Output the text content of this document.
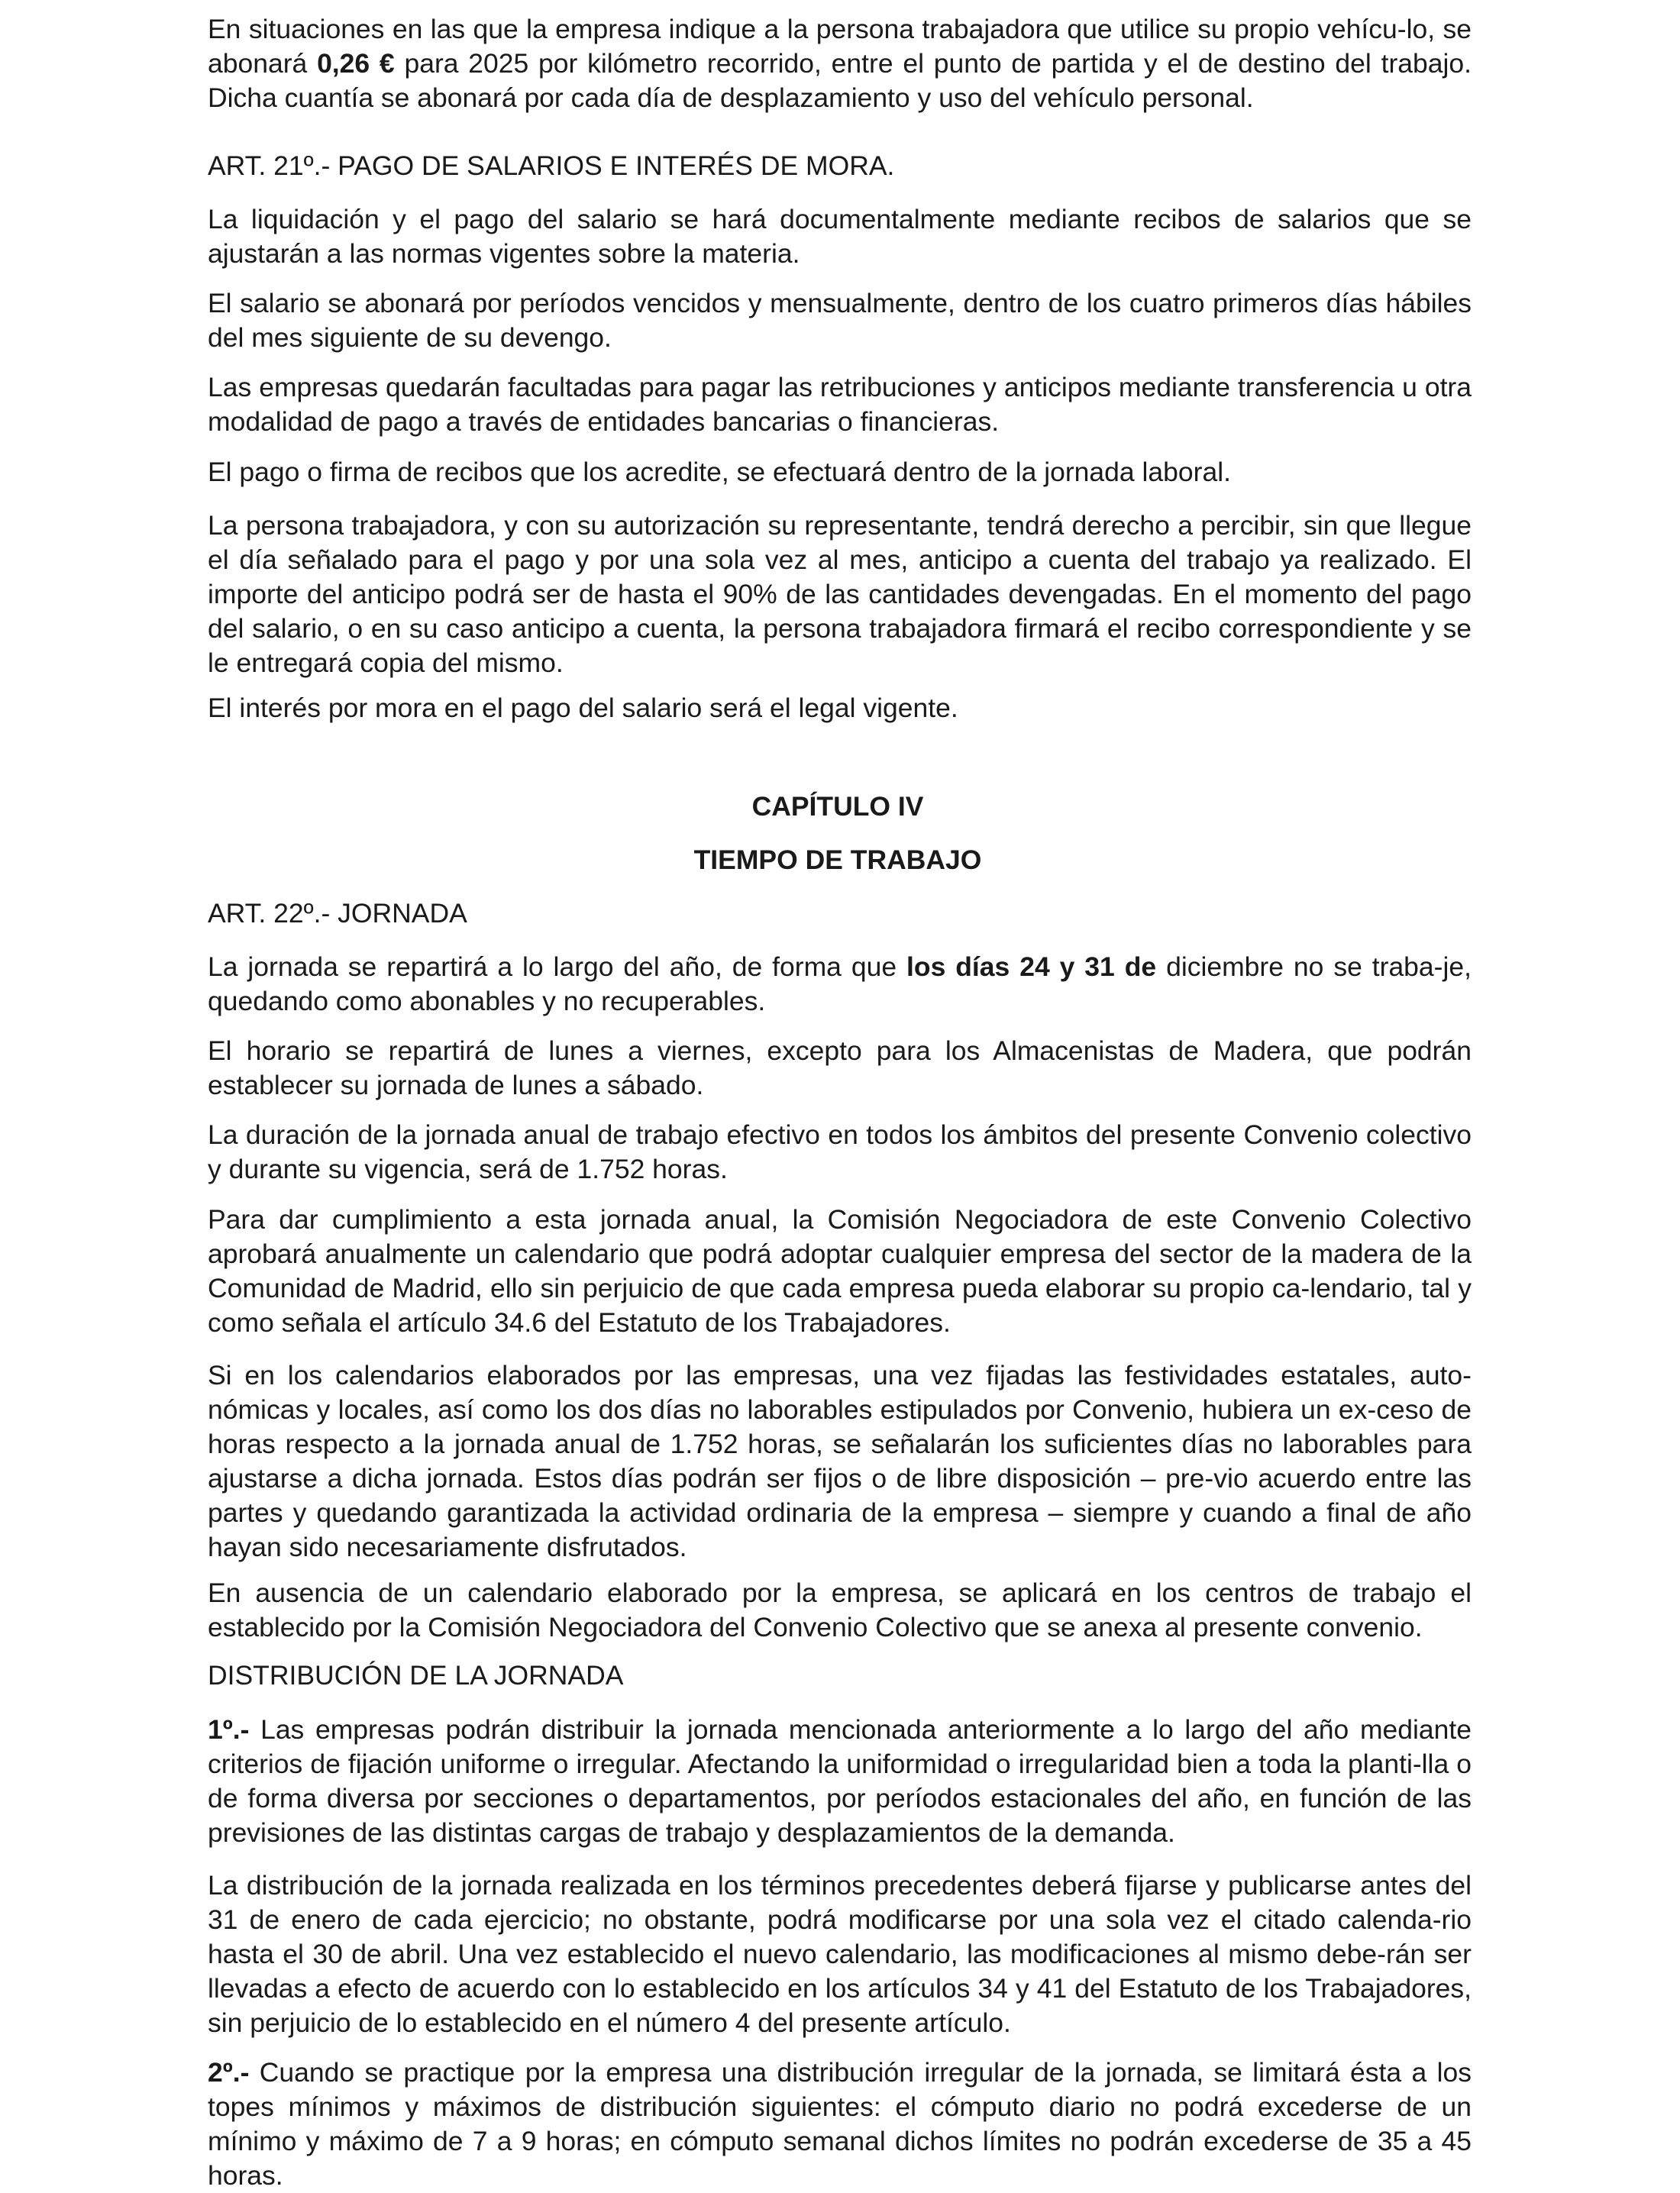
En situaciones en las que la empresa indique a la persona trabajadora que utilice su propio vehícu-lo, se abonará 0,26 € para 2025 por kilómetro recorrido, entre el punto de partida y el de destino del trabajo. Dicha cuantía se abonará por cada día de desplazamiento y uso del vehículo personal.

ART. 21º.- PAGO DE SALARIOS E INTERÉS DE MORA.

La liquidación y el pago del salario se hará documentalmente mediante recibos de salarios que se ajustarán a las normas vigentes sobre la materia.

El salario se abonará por períodos vencidos y mensualmente, dentro de los cuatro primeros días hábiles del mes siguiente de su devengo.

Las empresas quedarán facultadas para pagar las retribuciones y anticipos mediante transferencia u otra modalidad de pago a través de entidades bancarias o financieras.

El pago o firma de recibos que los acredite, se efectuará dentro de la jornada laboral.

La persona trabajadora, y con su autorización su representante, tendrá derecho a percibir, sin que llegue el día señalado para el pago y por una sola vez al mes, anticipo a cuenta del trabajo ya realizado. El importe del anticipo podrá ser de hasta el 90% de las cantidades devengadas. En el momento del pago del salario, o en su caso anticipo a cuenta, la persona trabajadora firmará el recibo correspondiente y se le entregará copia del mismo.

El interés por mora en el pago del salario será el legal vigente.

CAPÍTULO IV
TIEMPO DE TRABAJO
ART. 22º.- JORNADA

La jornada se repartirá a lo largo del año, de forma que los días 24 y 31 de diciembre no se traba-je, quedando como abonables y no recuperables.

El horario se repartirá de lunes a viernes, excepto para los Almacenistas de Madera, que podrán establecer su jornada de lunes a sábado.

La duración de la jornada anual de trabajo efectivo en todos los ámbitos del presente Convenio colectivo y durante su vigencia, será de 1.752 horas.

Para dar cumplimiento a esta jornada anual, la Comisión Negociadora de este Convenio Colectivo aprobará anualmente un calendario que podrá adoptar cualquier empresa del sector de la madera de la Comunidad de Madrid, ello sin perjuicio de que cada empresa pueda elaborar su propio ca-lendario, tal y como señala el artículo 34.6 del Estatuto de los Trabajadores.

Si en los calendarios elaborados por las empresas, una vez fijadas las festividades estatales, auto-nómicas y locales, así como los dos días no laborables estipulados por Convenio, hubiera un ex-ceso de horas respecto a la jornada anual de 1.752 horas, se señalarán los suficientes días no laborables para ajustarse a dicha jornada. Estos días podrán ser fijos o de libre disposición – pre-vio acuerdo entre las partes y quedando garantizada la actividad ordinaria de la empresa – siempre y cuando a final de año hayan sido necesariamente disfrutados.

En ausencia de un calendario elaborado por la empresa, se aplicará en los centros de trabajo el establecido por la Comisión Negociadora del Convenio Colectivo que se anexa al presente convenio.

DISTRIBUCIÓN DE LA JORNADA

1º.- Las empresas podrán distribuir la jornada mencionada anteriormente a lo largo del año mediante criterios de fijación uniforme o irregular. Afectando la uniformidad o irregularidad bien a toda la planti-lla o de forma diversa por secciones o departamentos, por períodos estacionales del año, en función de las previsiones de las distintas cargas de trabajo y desplazamientos de la demanda.

La distribución de la jornada realizada en los términos precedentes deberá fijarse y publicarse antes del 31 de enero de cada ejercicio; no obstante, podrá modificarse por una sola vez el citado calenda-rio hasta el 30 de abril. Una vez establecido el nuevo calendario, las modificaciones al mismo debe-rán ser llevadas a efecto de acuerdo con lo establecido en los artículos 34 y 41 del Estatuto de los Trabajadores, sin perjuicio de lo establecido en el número 4 del presente artículo.

2º.- Cuando se practique por la empresa una distribución irregular de la jornada, se limitará ésta a los topes mínimos y máximos de distribución siguientes: el cómputo diario no podrá excederse de un mínimo y máximo de 7 a 9 horas; en cómputo semanal dichos límites no podrán excederse de 35 a 45 horas.
